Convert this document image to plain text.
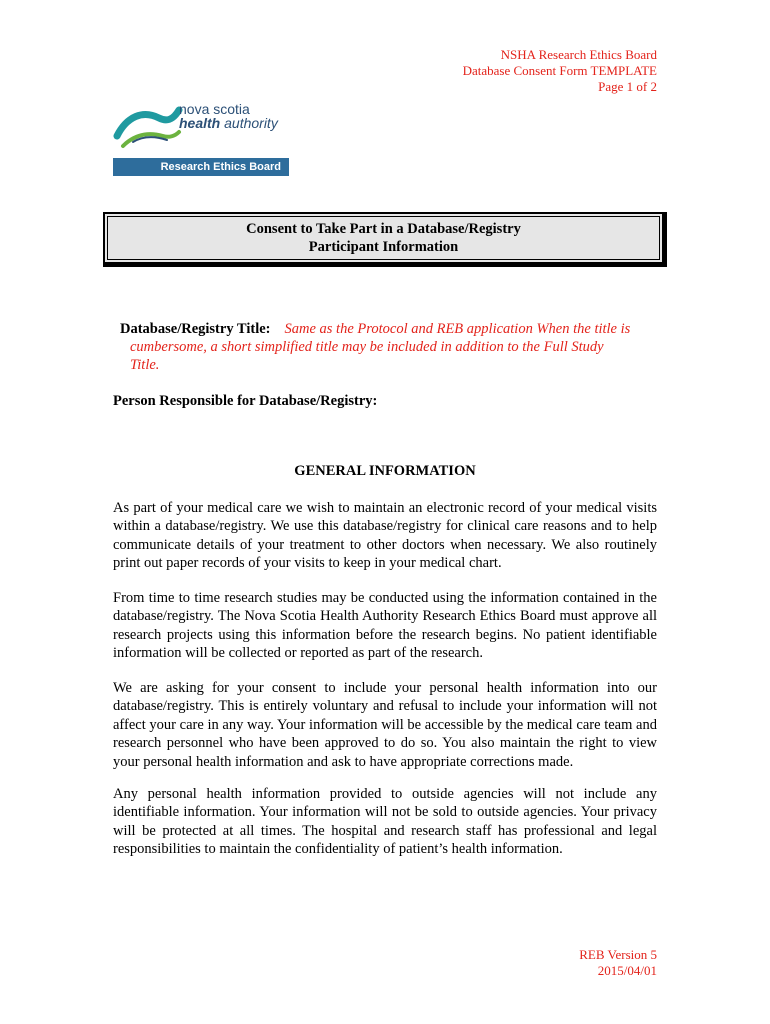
NSHA Research Ethics Board
Database Consent Form TEMPLATE
Page 1 of 2
nova scotia
health authority
Research Ethics Board
Consent to Take Part in a Database/Registry
Participant Information
Database/Registry Title: Same as the Protocol and REB application When the title is
cumbersome, a short simplified title may be included in addition to the Full Study
Title.
Person Responsible for Database/Registry:
GENERAL INFORMATION
As part of your medical care we wish to maintain an electronic record of your medical visits within a database/registry. We use this database/registry for clinical care reasons and to help communicate details of your treatment to other doctors when necessary. We also routinely print out paper records of your visits to keep in your medical chart.
From time to time research studies may be conducted using the information contained in the database/registry. The Nova Scotia Health Authority Research Ethics Board must approve all research projects using this information before the research begins. No patient identifiable information will be collected or reported as part of the research.
We are asking for your consent to include your personal health information into our database/registry. This is entirely voluntary and refusal to include your information will not affect your care in any way. Your information will be accessible by the medical care team and research personnel who have been approved to do so. You also maintain the right to view your personal health information and ask to have appropriate corrections made.
Any personal health information provided to outside agencies will not include any identifiable information. Your information will not be sold to outside agencies. Your privacy will be protected at all times. The hospital and research staff has professional and legal responsibilities to maintain the confidentiality of patient’s health information.
REB Version 5
2015/04/01
